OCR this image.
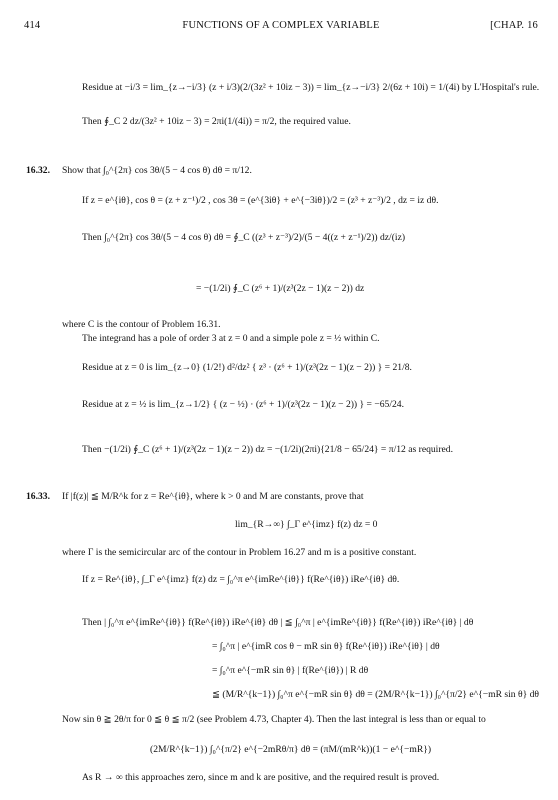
414	FUNCTIONS OF A COMPLEX VARIABLE	[CHAP. 16
Residue at −i/3 = lim_{z→−i/3} (z + i/3)(2/(3z² + 10iz − 3)) = lim_{z→−i/3} 2/(6z + 10i) = 1/(4i) by L'Hospital's rule.
Then ∮_C 2 dz/(3z² + 10iz − 3) = 2πi(1/(4i)) = π/2, the required value.
16.32. Show that ∫₀^{2π} cos 3θ/(5 − 4 cos θ) dθ = π/12.
If z = e^{iθ}, cos θ = (z + z⁻¹)/2 , cos 3θ = (e^{3iθ} + e^{−3iθ})/2 = (z³ + z⁻³)/2 , dz = iz dθ.
Then ∫₀^{2π} cos 3θ/(5 − 4 cos θ) dθ = ∮_C ((z³ + z⁻³)/2)/(5 − 4((z + z⁻¹)/2)) dz/(iz)
= −(1/2i) ∮_C (z⁶ + 1)/(z³(2z − 1)(z − 2)) dz
where C is the contour of Problem 16.31.
The integrand has a pole of order 3 at z = 0 and a simple pole z = ½ within C.
Residue at z = 0 is lim_{z→0} (1/2!) d²/dz² { z³ · (z⁶ + 1)/(z³(2z − 1)(z − 2)) } = 21/8.
Residue at z = ½ is lim_{z→1/2} { (z − ½) · (z⁶ + 1)/(z³(2z − 1)(z − 2)) } = −65/24.
Then −(1/2i) ∮_C (z⁶ + 1)/(z³(2z − 1)(z − 2)) dz = −(1/2i)(2πi){21/8 − 65/24} = π/12 as required.
16.33. If |f(z)| ≦ M/R^k for z = Re^{iθ}, where k > 0 and M are constants, prove that
lim_{R→∞} ∫_Γ e^{imz} f(z) dz = 0
where Γ is the semicircular arc of the contour in Problem 16.27 and m is a positive constant.
If z = Re^{iθ}, ∫_Γ e^{imz} f(z) dz = ∫₀^π e^{imRe^{iθ}} f(Re^{iθ}) iRe^{iθ} dθ.
Then | ∫₀^π e^{imRe^{iθ}} f(Re^{iθ}) iRe^{iθ} dθ | ≦ ∫₀^π | e^{imRe^{iθ}} f(Re^{iθ}) iRe^{iθ} | dθ
= ∫₀^π | e^{imR cos θ − mR sin θ} f(Re^{iθ}) iRe^{iθ} | dθ
= ∫₀^π e^{−mR sin θ} | f(Re^{iθ}) | R dθ
≦ (M/R^{k−1}) ∫₀^π e^{−mR sin θ} dθ = (2M/R^{k−1}) ∫₀^{π/2} e^{−mR sin θ} dθ
Now sin θ ≧ 2θ/π for 0 ≦ θ ≦ π/2 (see Problem 4.73, Chapter 4). Then the last integral is less than or equal to
(2M/R^{k−1}) ∫₀^{π/2} e^{−2mRθ/π} dθ = (πM/(mR^k))(1 − e^{−mR})
As R → ∞ this approaches zero, since m and k are positive, and the required result is proved.
